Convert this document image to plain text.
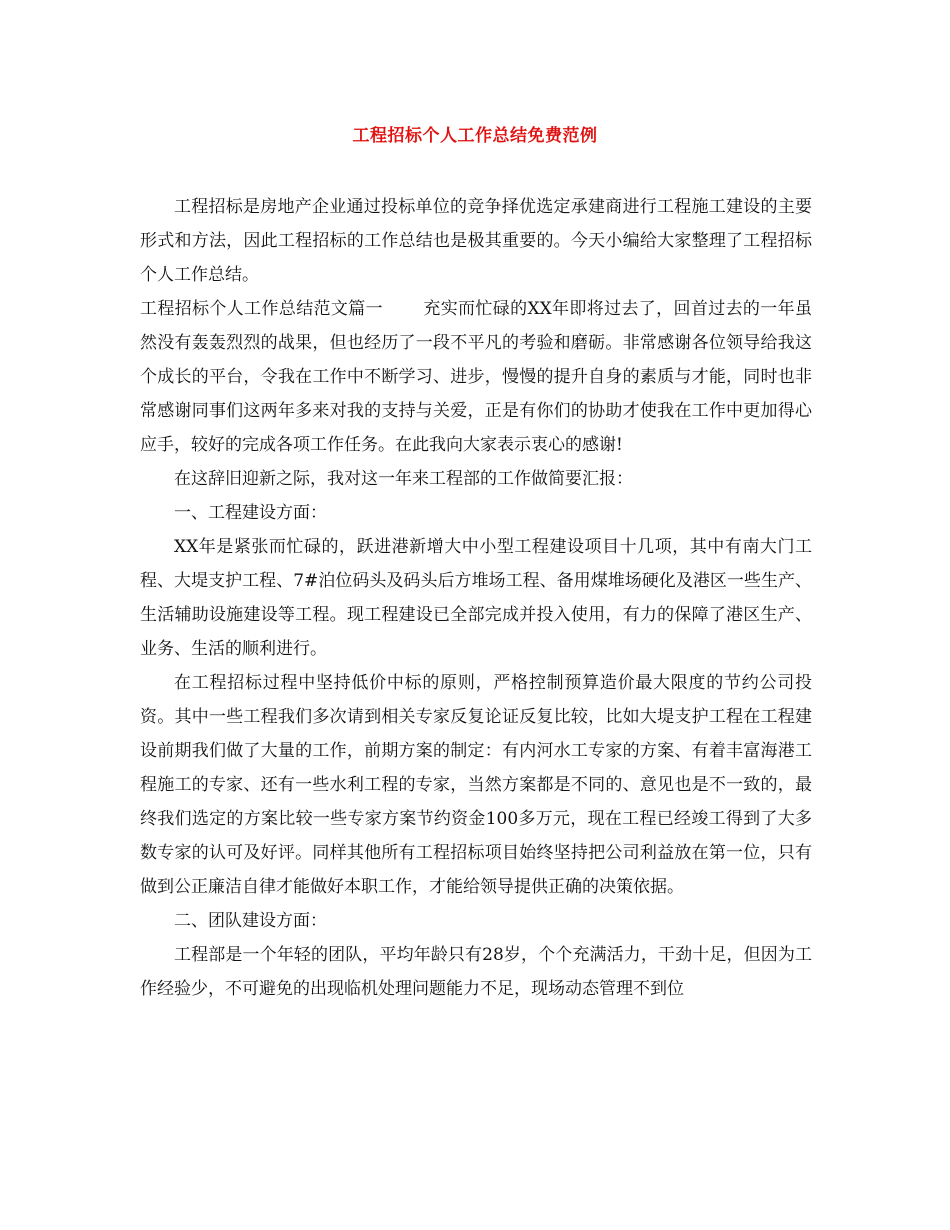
工程招标个人工作总结免费范例

工程招标是房地产企业通过投标单位的竞争择优选定承建商进行工程施工建设的主要形式和方法，因此工程招标的工作总结也是极其重要的。今天小编给大家整理了工程招标个人工作总结。

工程招标个人工作总结范文篇一 充实而忙碌的XX年即将过去了，回首过去的一年虽然没有轰轰烈烈的战果，但也经历了一段不平凡的考验和磨砺。非常感谢各位领导给我这个成长的平台，令我在工作中不断学习、进步，慢慢的提升自身的素质与才能，同时也非常感谢同事们这两年多来对我的支持与关爱，正是有你们的协助才使我在工作中更加得心应手，较好的完成各项工作任务。在此我向大家表示衷心的感谢!

在这辞旧迎新之际，我对这一年来工程部的工作做简要汇报：

一、工程建设方面：

XX年是紧张而忙碌的，跃进港新增大中小型工程建设项目十几项，其中有南大门工程、大堤支护工程、7#泊位码头及码头后方堆场工程、备用煤堆场硬化及港区一些生产、生活辅助设施建设等工程。现工程建设已全部完成并投入使用，有力的保障了港区生产、业务、生活的顺利进行。

在工程招标过程中坚持低价中标的原则，严格控制预算造价最大限度的节约公司投资。其中一些工程我们多次请到相关专家反复论证反复比较，比如大堤支护工程在工程建设前期我们做了大量的工作，前期方案的制定：有内河水工专家的方案、有着丰富海港工程施工的专家、还有一些水利工程的专家，当然方案都是不同的、意见也是不一致的，最终我们选定的方案比较一些专家方案节约资金100多万元，现在工程已经竣工得到了大多数专家的认可及好评。同样其他所有工程招标项目始终坚持把公司利益放在第一位，只有做到公正廉洁自律才能做好本职工作，才能给领导提供正确的决策依据。

二、团队建设方面：

工程部是一个年轻的团队，平均年龄只有28岁，个个充满活力，干劲十足，但因为工作经验少，不可避免的出现临机处理问题能力不足，现场动态管理不到位
